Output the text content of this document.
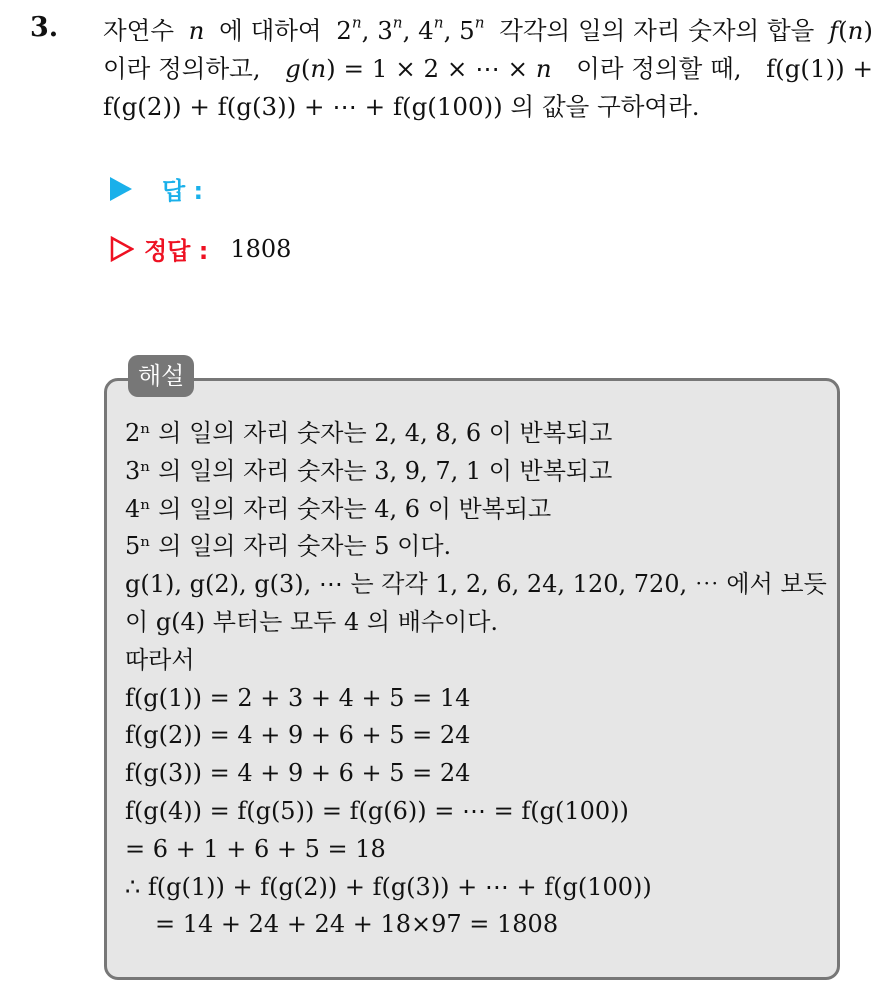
3. 자연수 n 에 대하여 2$^n$, 3$^n$, 4$^n$, 5$^n$ 각각의 일의 자리 숫자의 합을 f(n)
이라 정의하고, g(n) = 1 × 2 × ⋯ × n 이라 정의할 때, f(g(1)) +
f(g(2)) + f(g(3)) + ⋯ + f(g(100)) 의 값을 구하여라.
답 :
정답 : 1808
해설
2ⁿ 의 일의 자리 숫자는 2, 4, 8, 6 이 반복되고
3ⁿ 의 일의 자리 숫자는 3, 9, 7, 1 이 반복되고
4ⁿ 의 일의 자리 숫자는 4, 6 이 반복되고
5ⁿ 의 일의 자리 숫자는 5 이다.
g(1), g(2), g(3), ⋯ 는 각각 1, 2, 6, 24, 120, 720, ⋯ 에서 보듯
이 g(4) 부터는 모두 4 의 배수이다.
따라서
f(g(1)) = 2 + 3 + 4 + 5 = 14
f(g(2)) = 4 + 9 + 6 + 5 = 24
f(g(3)) = 4 + 9 + 6 + 5 = 24
f(g(4)) = f(g(5)) = f(g(6)) = ⋯ = f(g(100))
= 6 + 1 + 6 + 5 = 18
∴ f(g(1)) + f(g(2)) + f(g(3)) + ⋯ + f(g(100))
= 14 + 24 + 24 + 18×97 = 1808
